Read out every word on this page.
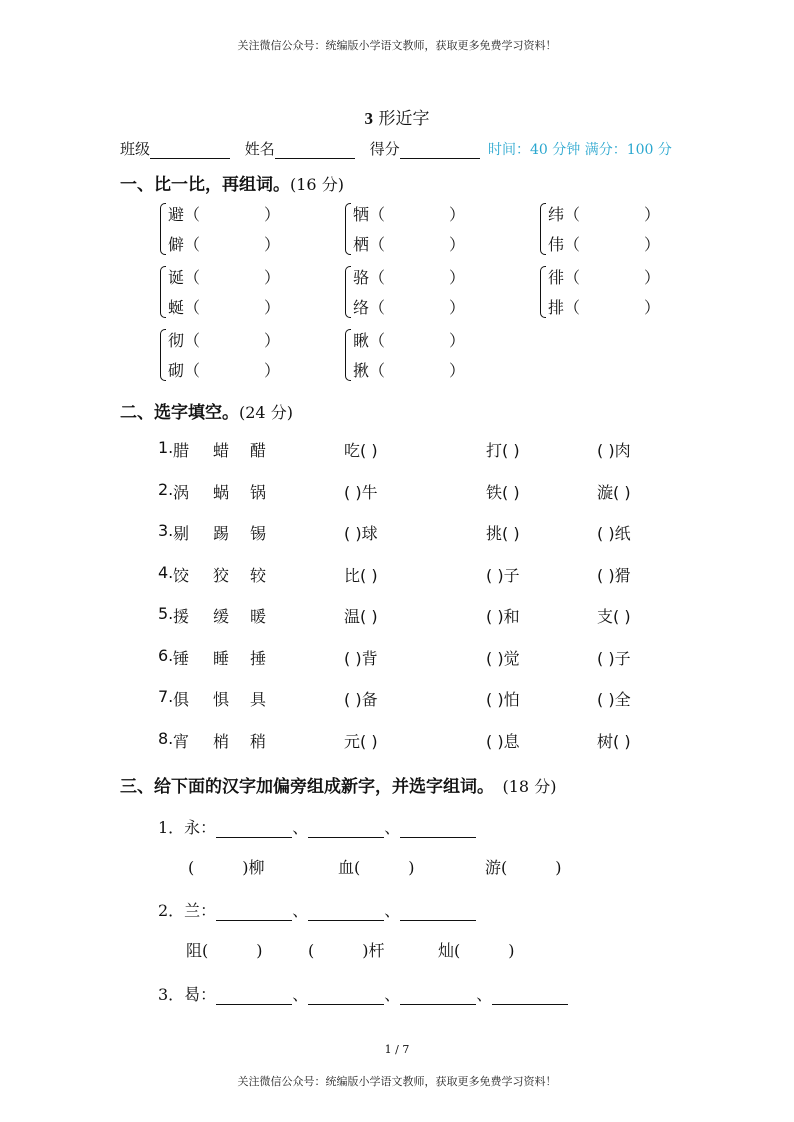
关注微信公众号：统编版小学语文教师，获取更多免费学习资料！
3 形近字
班级	姓名	得分	时间：40 分钟 满分：100 分
一、比一比，再组词。(16 分)
避（　　　　）
僻（　　　　）
牺（　　　　）
栖（　　　　）
纬（　　　　）
伟（　　　　）
诞（　　　　）
蜒（　　　　）
骆（　　　　）
络（　　　　）
徘（　　　　）
排（　　　　）
彻（　　　　）
砌（　　　　）
瞅（　　　　）
揪（　　　　）
二、选字填空。(24 分)
1. 腊 蜡 醋	吃( )	打( )	( )肉
2. 涡 蜗 锅	( )牛	铁( )	漩( )
3. 剔 踢 锡	( )球	挑( )	( )纸
4. 饺 狡 较	比( )	( )子	( )猾
5. 援 缓 暖	温( )	( )和	支( )
6. 锤 睡 捶	( )背	( )觉	( )子
7. 俱 惧 具	( )备	( )怕	( )全
8. 宵 梢 稍	元( )	( )息	树( )
三、给下面的汉字加偏旁组成新字，并选字组词。　 (18 分)
1．永：	、	、
(　　　)柳	血(　　　)	游(　　　)
2．兰：	、	、
阻(　　　)	(　　　)杆	灿(　　　)
3．曷：	、	、	、
1 / 7
关注微信公众号：统编版小学语文教师，获取更多免费学习资料！
